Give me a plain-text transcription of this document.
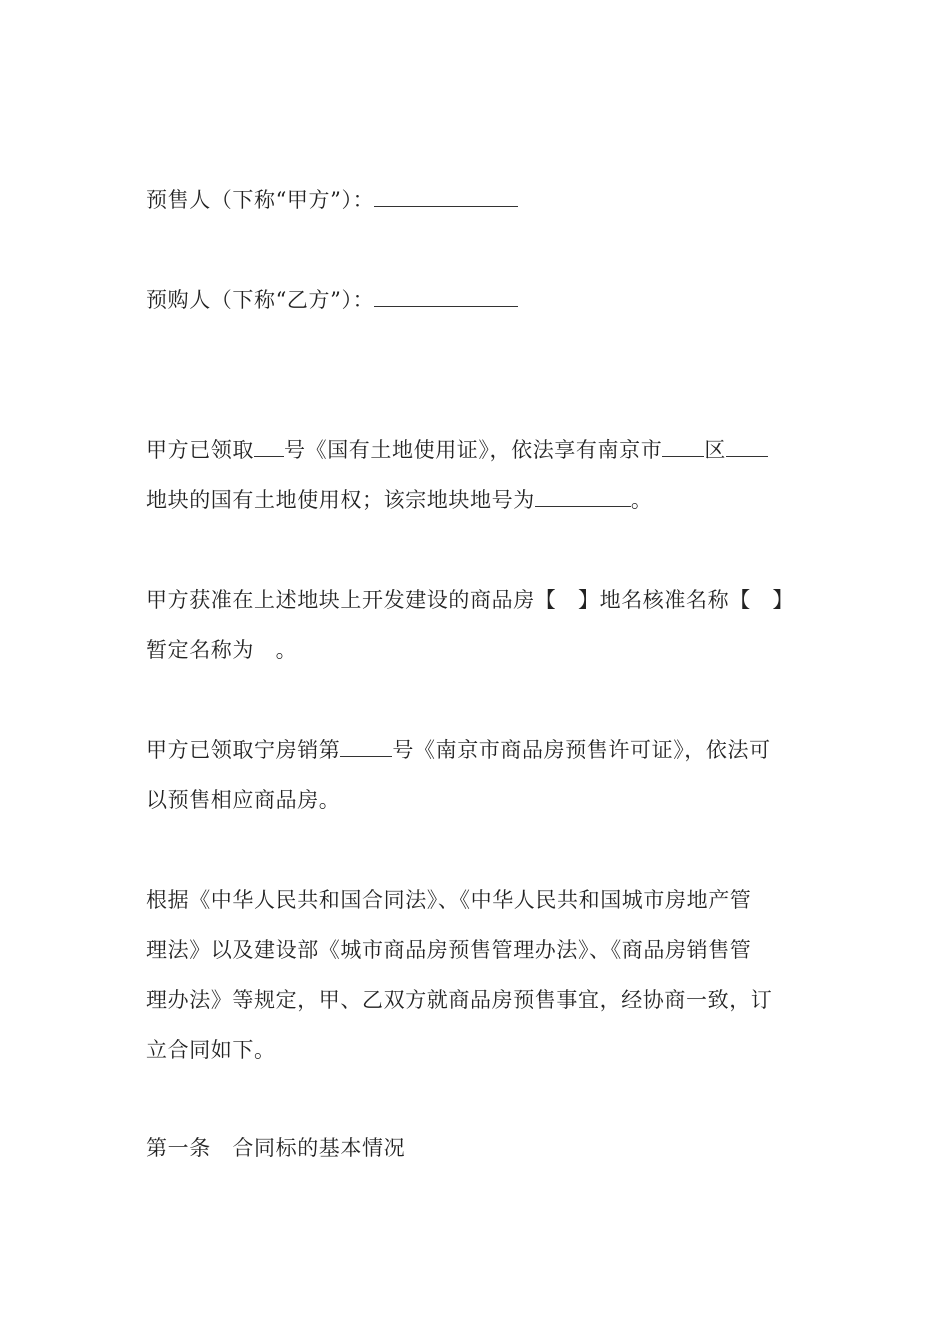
预售人（下称“甲方”）：
预购人（下称“乙方”）：
甲方已领取 号《国有土地使用证》，依法享有南京市 区
地块的国有土地使用权；该宗地块地号为	。
甲方获准在上述地块上开发建设的商品房【　】地名核准名称【　】
暂定名称为　。
甲方已领取宁房销第 号《南京市商品房预售许可证》，依法可
以预售相应商品房。
根据《中华人民共和国合同法》、《中华人民共和国城市房地产管
理法》以及建设部《城市商品房预售管理办法》、《商品房销售管
理办法》等规定，甲、乙双方就商品房预售事宜，经协商一致，订
立合同如下。
第一条　合同标的基本情况
